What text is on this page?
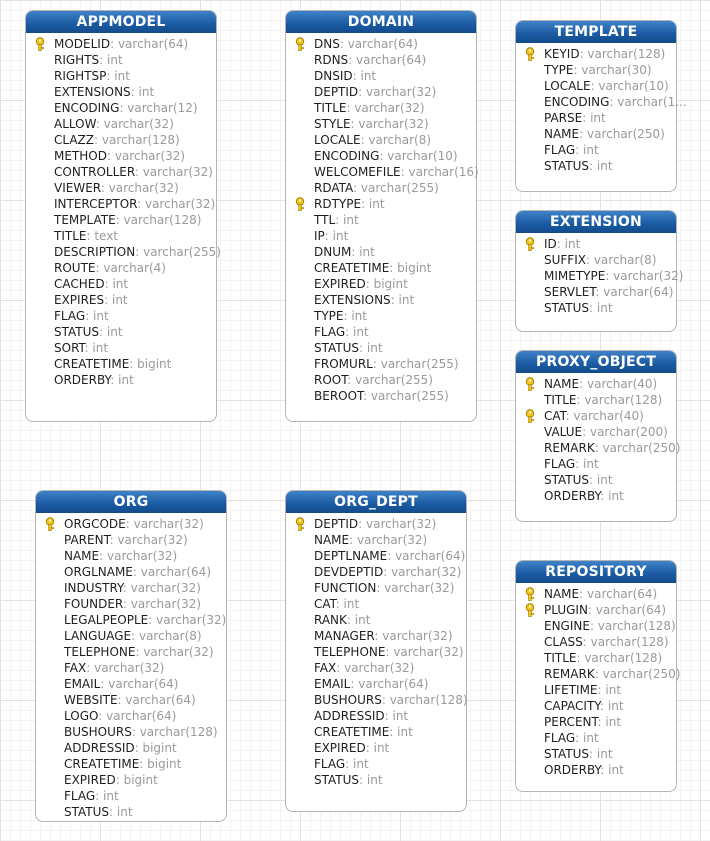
APPMODEL
MODELID: varchar(64)
RIGHTS: int
RIGHTSP: int
EXTENSIONS: int
ENCODING: varchar(12)
ALLOW: varchar(32)
CLAZZ: varchar(128)
METHOD: varchar(32)
CONTROLLER: varchar(32)
VIEWER: varchar(32)
INTERCEPTOR: varchar(32)
TEMPLATE: varchar(128)
TITLE: text
DESCRIPTION: varchar(255)
ROUTE: varchar(4)
CACHED: int
EXPIRES: int
FLAG: int
STATUS: int
SORT: int
CREATETIME: bigint
ORDERBY: int
DOMAIN
DNS: varchar(64)
RDNS: varchar(64)
DNSID: int
DEPTID: varchar(32)
TITLE: varchar(32)
STYLE: varchar(32)
LOCALE: varchar(8)
ENCODING: varchar(10)
WELCOMEFILE: varchar(16)
RDATA: varchar(255)
RDTYPE: int
TTL: int
IP: int
DNUM: int
CREATETIME: bigint
EXPIRED: bigint
EXTENSIONS: int
TYPE: int
FLAG: int
STATUS: int
FROMURL: varchar(255)
ROOT: varchar(255)
BEROOT: varchar(255)
TEMPLATE
KEYID: varchar(128)
TYPE: varchar(30)
LOCALE: varchar(10)
ENCODING: varchar(1...
PARSE: int
NAME: varchar(250)
FLAG: int
STATUS: int
EXTENSION
ID: int
SUFFIX: varchar(8)
MIMETYPE: varchar(32)
SERVLET: varchar(64)
STATUS: int
PROXY_OBJECT
NAME: varchar(40)
TITLE: varchar(128)
CAT: varchar(40)
VALUE: varchar(200)
REMARK: varchar(250)
FLAG: int
STATUS: int
ORDERBY: int
ORG
ORGCODE: varchar(32)
PARENT: varchar(32)
NAME: varchar(32)
ORGLNAME: varchar(64)
INDUSTRY: varchar(32)
FOUNDER: varchar(32)
LEGALPEOPLE: varchar(32)
LANGUAGE: varchar(8)
TELEPHONE: varchar(32)
FAX: varchar(32)
EMAIL: varchar(64)
WEBSITE: varchar(64)
LOGO: varchar(64)
BUSHOURS: varchar(128)
ADDRESSID: bigint
CREATETIME: bigint
EXPIRED: bigint
FLAG: int
STATUS: int
ORG_DEPT
DEPTID: varchar(32)
NAME: varchar(32)
DEPTLNAME: varchar(64)
DEVDEPTID: varchar(32)
FUNCTION: varchar(32)
CAT: int
RANK: int
MANAGER: varchar(32)
TELEPHONE: varchar(32)
FAX: varchar(32)
EMAIL: varchar(64)
BUSHOURS: varchar(128)
ADDRESSID: int
CREATETIME: int
EXPIRED: int
FLAG: int
STATUS: int
REPOSITORY
NAME: varchar(64)
PLUGIN: varchar(64)
ENGINE: varchar(128)
CLASS: varchar(128)
TITLE: varchar(128)
REMARK: varchar(250)
LIFETIME: int
CAPACITY: int
PERCENT: int
FLAG: int
STATUS: int
ORDERBY: int
